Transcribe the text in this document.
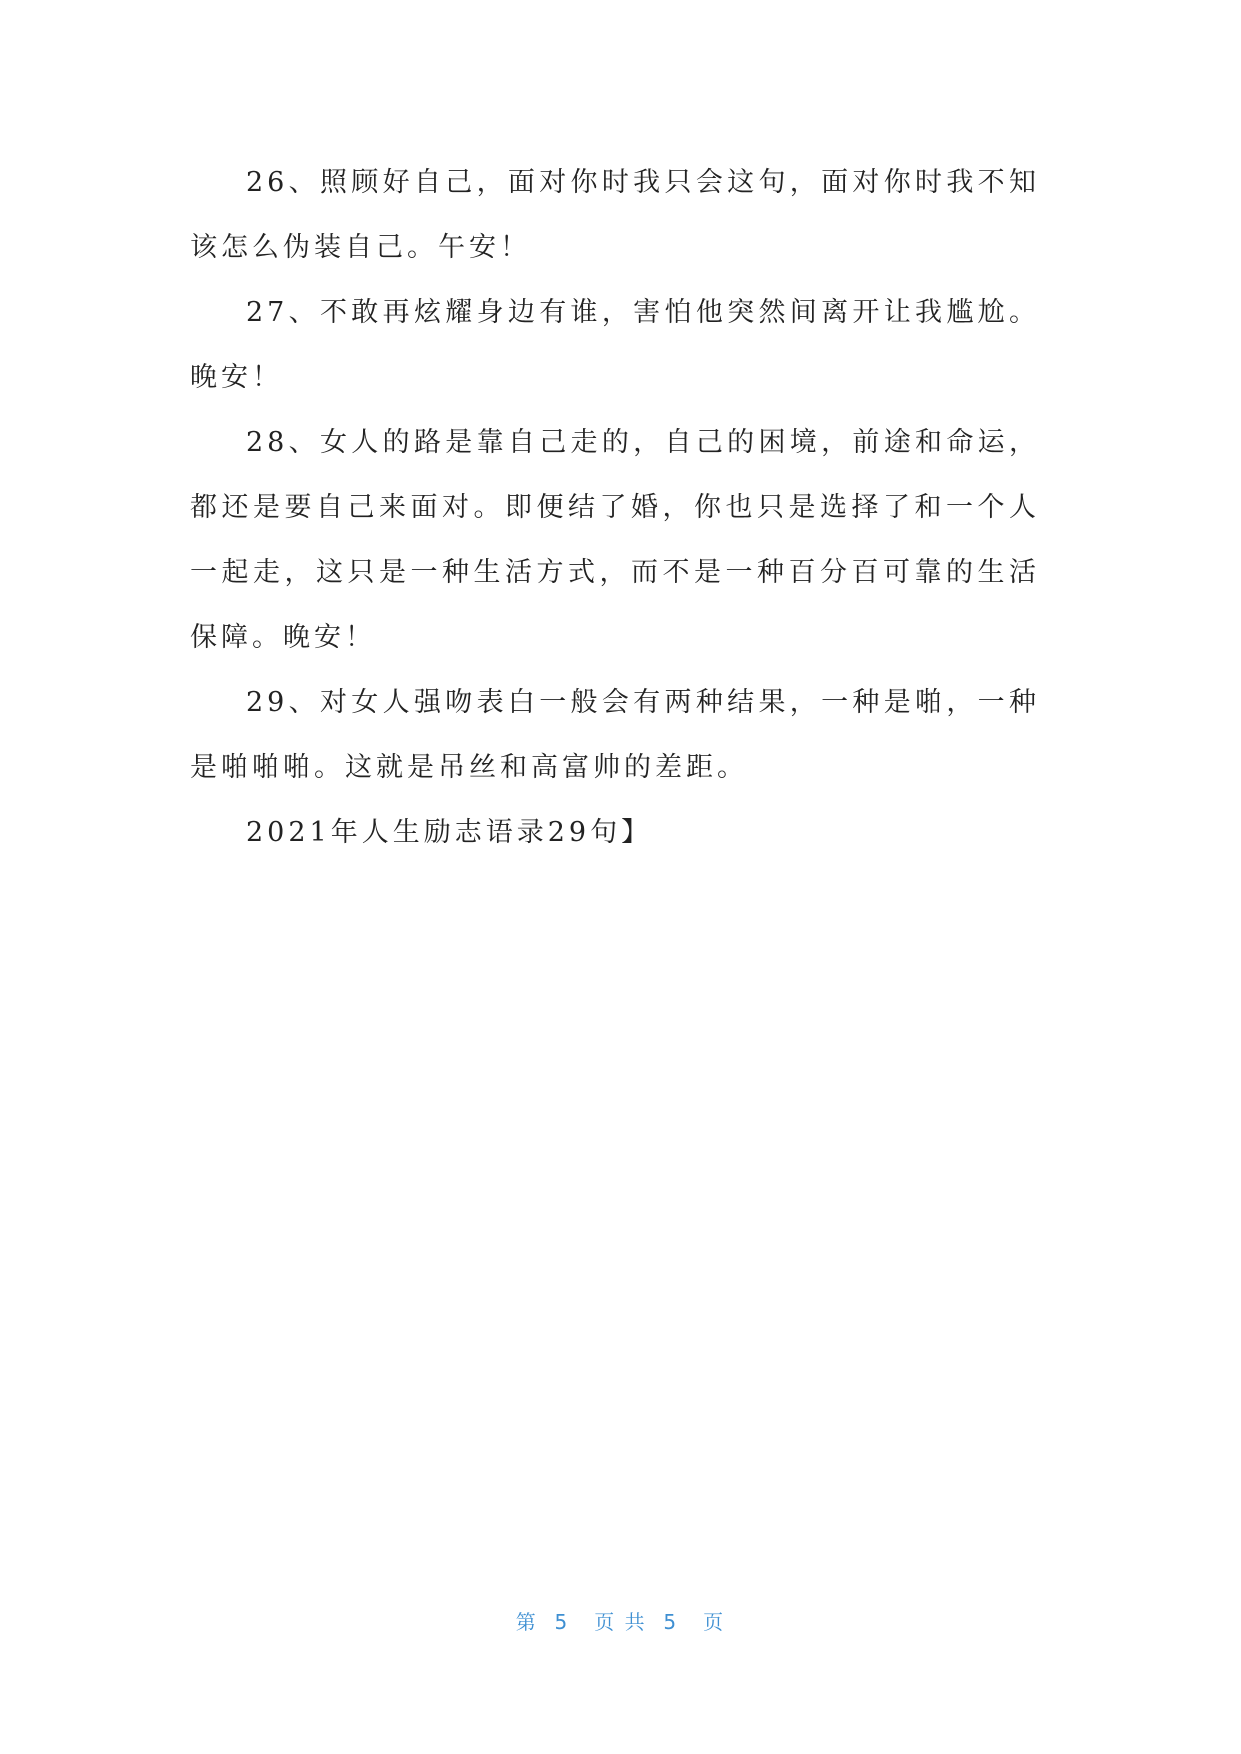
26、照顾好自己，面对你时我只会这句，面对你时我不知该怎么伪装自己。午安！

27、不敢再炫耀身边有谁，害怕他突然间离开让我尴尬。晚安！

28、女人的路是靠自己走的，自己的困境，前途和命运，都还是要自己来面对。即便结了婚，你也只是选择了和一个人一起走，这只是一种生活方式，而不是一种百分百可靠的生活保障。晚安！

29、对女人强吻表白一般会有两种结果，一种是啪，一种是啪啪啪。这就是吊丝和高富帅的差距。

2021年人生励志语录29句】

第  5   页 共  5   页
